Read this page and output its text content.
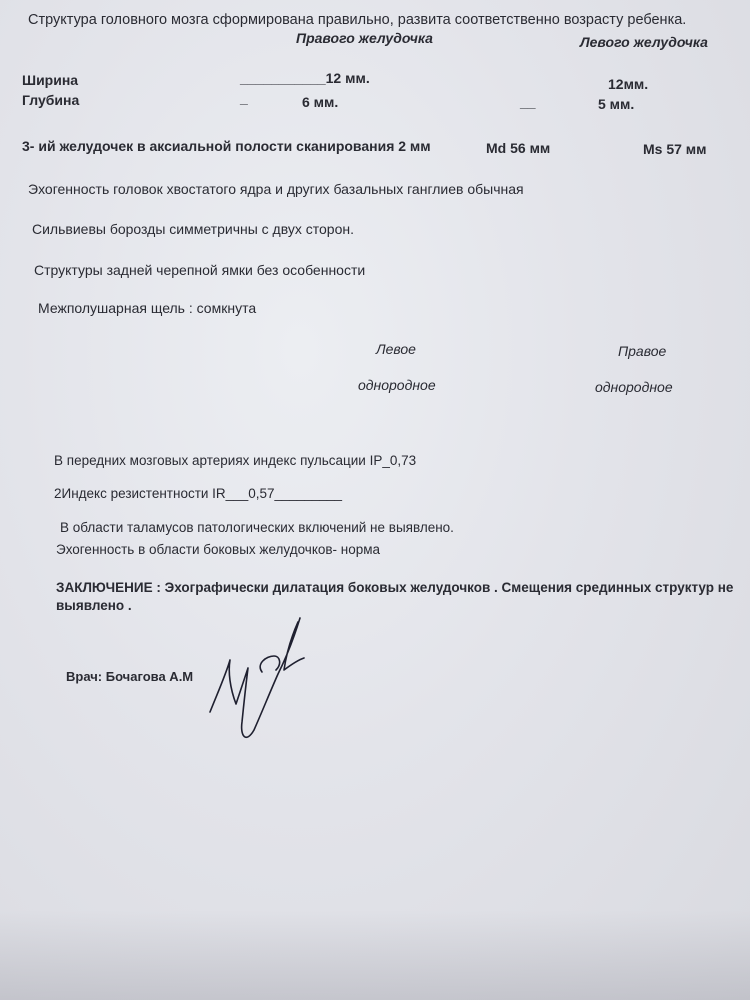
Структура головного мозга сформирована правильно, развита соответственно возрасту ребенка.
Правого желудочка	Левого желудочка
Ширина	___________12 мм.	12мм.
Глубина	_	6 мм.	__	5 мм.
3- ий желудочек в аксиальной полости сканирования 2 мм	Md 56 мм	Ms 57 мм
Эхогенность головок хвостатого ядра и других базальных ганглиев обычная
Сильвиевы борозды симметричны с двух сторон.
Структуры задней черепной ямки без особенности
Межполушарная щель : сомкнута
Левое	Правое
однородное	однородное
В передних мозговых артериях индекс пульсации IP_0,73
2Индекс резистентности IR___0,57_________
В области таламусов патологических включений не выявлено.
Эхогенность в области боковых желудочков- норма
ЗАКЛЮЧЕНИЕ : Эхографически дилатация боковых желудочков . Смещения срединных структур не
выявлено .
Врач: Бочагова А.М
